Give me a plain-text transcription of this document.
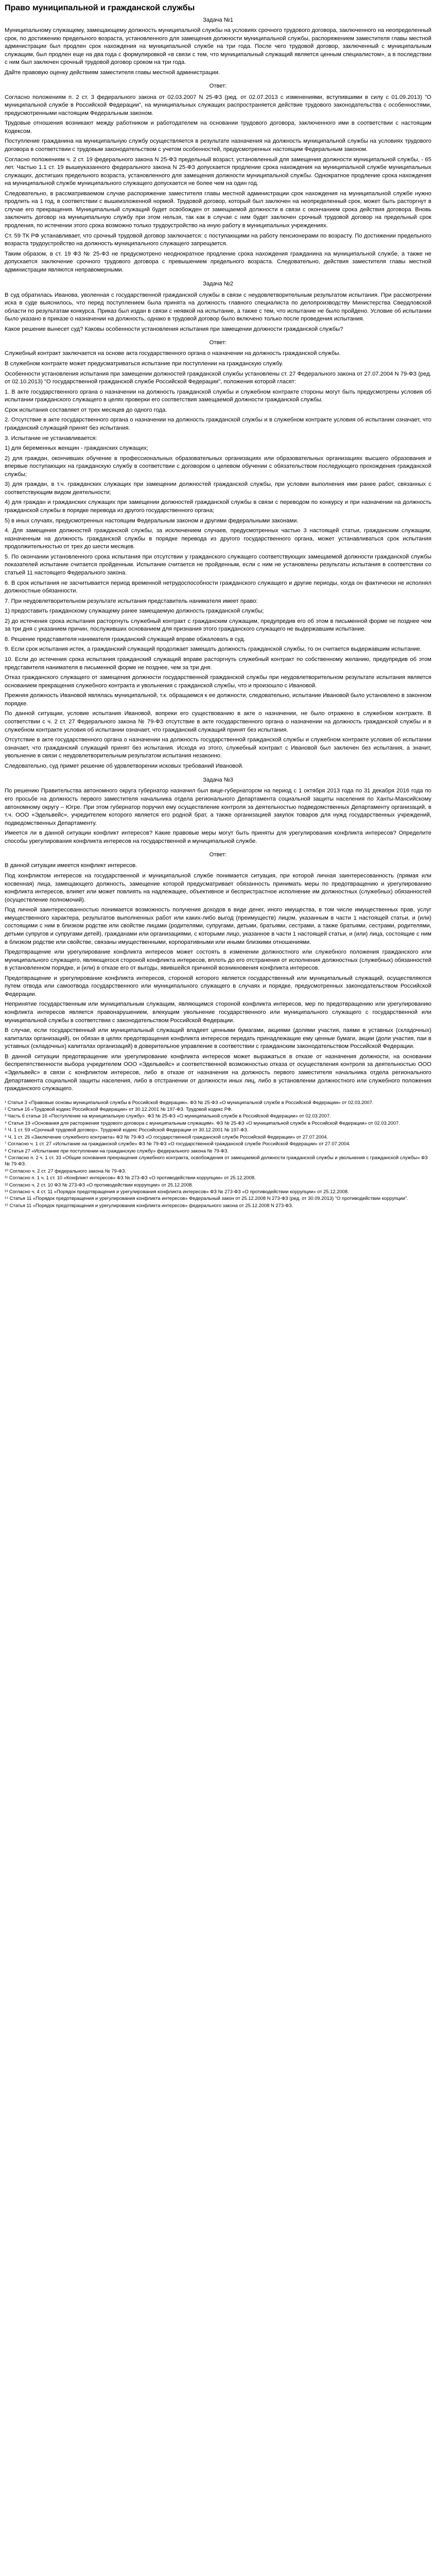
Право муниципальной и гражданской службы
Задача №1

Муниципальному служащему, замещающему должность муниципальной службы на условиях срочного трудового договора, заключенного на неопределенный срок, по достижению предельного возраста, установленного для замещения должности муниципальной службы, распоряжением заместителя главы местной администрации был продлен срок нахождения на муниципальной службе на три года. После чего трудовой договор, заключенный с муниципальным служащим, был продлен еще на два года с формулировкой «в связи с тем, что муниципальный служащий является ценным специалистом», а в последствии с ним был заключен срочный трудовой договор сроком на три года.

Дайте правовую оценку действиям заместителя главы местной администрации.

Ответ:

Согласно положениям п. 2 ст. 3 федерального закона от 02.03.2007 N 25-ФЗ (ред. от 02.07.2013 с изменениями, вступившими в силу с 01.09.2013) "О муниципальной службе в Российской Федерации", на муниципальных служащих распространяется действие трудового законодательства с особенностями, предусмотренными настоящим Федеральным законом.

Трудовые отношения возникают между работником и работодателем на основании трудового договора, заключенного ими в соответствии с настоящим Кодексом.

Поступление гражданина на муниципальную службу осуществляется в результате назначения на должность муниципальной службы на условиях трудового договора в соответствии с трудовым законодательством с учетом особенностей, предусмотренных настоящим Федеральным законом.

Согласно положениям ч. 2 ст. 19 федерального закона N 25-ФЗ предельный возраст, установленный для замещения должности муниципальной службы, - 65 лет. Частью 1.1 ст. 19 вышеуказанного федерального закона N 25-ФЗ допускается продление срока нахождения на муниципальной службе муниципальных служащих, достигших предельного возраста, установленного для замещения должности муниципальной службы. Однократное продление срока нахождения на муниципальной службе муниципального служащего допускается не более чем на один год.

Следовательно, в рассматриваемом случае распоряжение заместителя главы местной администрации срок нахождения на муниципальной службе нужно продлить на 1 год, в соответствии с вышеизложенной нормой. Трудовой договор, который был заключен на неопределенный срок, может быть расторгнут в случае его прекращения. Муниципальный служащий будет освобожден от замещаемой должности в связи с окончанием срока действия договора. Вновь заключить договор на муниципальную службу при этом нельзя, так как в случае с ним будет заключен срочный трудовой договор на предельный срок продления, по истечении этого срока возможно только трудоустройство на иную работу в муниципальных учреждениях.

Ст. 59 ТК РФ устанавливает, что срочный трудовой договор заключается: с поступающими на работу пенсионерами по возрасту. По достижении предельного возраста трудоустройство на должность муниципального служащего запрещается.

Таким образом, в ст. 19 ФЗ № 25-ФЗ не предусмотрено неоднократное продление срока нахождения гражданина на муниципальной службе, а также не допускается заключение срочного трудового договора с превышением предельного возраста. Следовательно, действия заместителя главы местной администрации являются неправомерными.

Задача №2

В суд обратилась Иванова, уволенная с государственной гражданской службы в связи с неудовлетворительным результатом испытания. При рассмотрении иска в суде выяснилось, что перед поступлением была принята на должность главного специалиста по делопроизводству Министерства Свердловской области по результатам конкурса. Приказ был издан в связи с неявкой на испытание, а также с тем, что испытание не было пройдено. Условие об испытании было указано в приказе о назначении на должность, однако в трудовой договор было включено только после проведения испытания.

Какое решение вынесет суд? Каковы особенности установления испытания при замещении должности гражданской службы?

Ответ:

Служебный контракт заключается на основе акта государственного органа о назначении на должность гражданской службы.

В служебном контракте может предусматриваться испытание при поступлении на гражданскую службу.

Особенности установления испытания при замещении должностей гражданской службы установлены ст. 27 Федерального закона от 27.07.2004 N 79-ФЗ (ред. от 02.10.2013) "О государственной гражданской службе Российской Федерации", положения которой гласят:

1. В акте государственного органа о назначении на должность гражданской службы и служебном контракте стороны могут быть предусмотрены условия об испытании гражданского служащего в целях проверки его соответствия замещаемой должности гражданской службы.

Срок испытания составляет от трех месяцев до одного года.

2. Отсутствие в акте государственного органа о назначении на должность гражданской службы и в служебном контракте условия об испытании означает, что гражданский служащий принят без испытания.

3. Испытание не устанавливается:

1) для беременных женщин - гражданских служащих;

2) для граждан, окончивших обучение в профессиональных образовательных организациях или образовательных организациях высшего образования и впервые поступающих на гражданскую службу в соответствии с договором о целевом обучении с обязательством последующего прохождения гражданской службы;

3) для граждан, в т.ч. гражданских служащих при замещении должностей гражданской службы, при условии выполнения ими ранее работ, связанных с соответствующим видом деятельности;

4) для граждан и гражданских служащих при замещении должностей гражданской службы в связи с переводом по конкурсу и при назначении на должность гражданской службы в порядке перевода из другого государственного органа;

5) в иных случаях, предусмотренных настоящим Федеральным законом и другими федеральными законами.

4. Для замещения должностей гражданской службы, за исключением случаев, предусмотренных частью 3 настоящей статьи, гражданским служащим, назначенным на должность гражданской службы в порядке перевода из другого государственного органа, может устанавливаться срок испытания продолжительностью от трех до шести месяцев.

5. По окончании установленного срока испытания при отсутствии у гражданского служащего соответствующих замещаемой должности гражданской службы показателей испытание считается пройденным. Испытание считается не пройденным, если с ним не установлены результаты испытания в соответствии со статьей 11 настоящего Федерального закона.

6. В срок испытания не засчитывается период временной нетрудоспособности гражданского служащего и другие периоды, когда он фактически не исполнял должностные обязанности.

7. При неудовлетворительном результате испытания представитель нанимателя имеет право:

1) предоставить гражданскому служащему ранее замещаемую должность гражданской службы;

2) до истечения срока испытания расторгнуть служебный контракт с гражданским служащим, предупредив его об этом в письменной форме не позднее чем за три дня с указанием причин, послуживших основанием для признания этого гражданского служащего не выдержавшим испытание.

8. Решение представителя нанимателя гражданский служащий вправе обжаловать в суд.

9. Если срок испытания истек, а гражданский служащий продолжает замещать должность гражданской службы, то он считается выдержавшим испытание.

10. Если до истечения срока испытания гражданский служащий вправе расторгнуть служебный контракт по собственному желанию, предупредив об этом представителя нанимателя в письменной форме не позднее, чем за три дня.

Отказ гражданского служащего от замещения должности государственной гражданской службы при неудовлетворительном результате испытания является основанием прекращения служебного контракта и увольнения с гражданской службы, что и произошло с Ивановой.

Прежняя должность Ивановой являлась муниципальной, т.к. обращаемся к ее должности, следовательно, испытание Ивановой было установлено в законном порядке.

По данной ситуации, условие испытания Ивановой, вопреки его существованию в акте о назначении, не было отражено в служебном контракте. В соответствии с ч. 2 ст. 27 Федерального закона № 79-ФЗ отсутствие в акте государственного органа о назначении на должность гражданской службы и в служебном контракте условия об испытании означает, что гражданский служащий принят без испытания.

Отсутствие в акте государственного органа о назначении на должность государственной гражданской службы и служебном контракте условия об испытании означает, что гражданский служащий принят без испытания. Исходя из этого, служебный контракт с Ивановой был заключен без испытания, а значит, увольнение в связи с неудовлетворительным результатом испытания незаконно.

Следовательно, суд примет решение об удовлетворении исковых требований Ивановой.

Задача №3

По решению Правительства автономного округа губернатор назначил был вице-губернатором на период с 1 октября 2013 года по 31 декабря 2016 года по его просьбе на должность первого заместителя начальника отдела регионального Департамента социальной защиты населения по Ханты-Мансийскому автономному округу – Югре. При этом губернатор поручил ему осуществление контроля за деятельностью подведомственных Департаменту организаций, в т.ч. ООО «Эдельвейс», учредителем которого является его родной брат, а также организацией закупок товаров для нужд государственных учреждений, подведомственных Департаменту.

Имеется ли в данной ситуации конфликт интересов? Какие правовые меры могут быть приняты для урегулирования конфликта интересов? Определите способы урегулирования конфликта интересов на государственной и муниципальной службе.

Ответ:

В данной ситуации имеется конфликт интересов.

Под конфликтом интересов на государственной и муниципальной службе понимается ситуация, при которой личная заинтересованность (прямая или косвенная) лица, замещающего должность, замещение которой предусматривает обязанность принимать меры по предотвращению и урегулированию конфликта интересов, влияет или может повлиять на надлежащее, объективное и беспристрастное исполнение им должностных (служебных) обязанностей (осуществление полномочий).

Под личной заинтересованностью понимается возможность получения доходов в виде денег, иного имущества, в том числе имущественных прав, услуг имущественного характера, результатов выполненных работ или каких-либо выгод (преимуществ) лицом, указанным в части 1 настоящей статьи, и (или) состоящими с ним в близком родстве или свойстве лицами (родителями, супругами, детьми, братьями, сестрами, а также братьями, сестрами, родителями, детьми супругов и супругами детей), гражданами или организациями, с которыми лицо, указанное в части 1 настоящей статьи, и (или) лица, состоящие с ним в близком родстве или свойстве, связаны имущественными, корпоративными или иными близкими отношениями.

Предотвращение или урегулирование конфликта интересов может состоять в изменении должностного или служебного положения гражданского или муниципального служащего, являющегося стороной конфликта интересов, вплоть до его отстранения от исполнения должностных (служебных) обязанностей в установленном порядке, и (или) в отказе его от выгоды, явившейся причиной возникновения конфликта интересов.

Предотвращение и урегулирование конфликта интересов, стороной которого является государственный или муниципальный служащий, осуществляются путем отвода или самоотвода государственного или муниципального служащего в случаях и порядке, предусмотренных законодательством Российской Федерации.

Непринятие государственным или муниципальным служащим, являющимся стороной конфликта интересов, мер по предотвращению или урегулированию конфликта интересов является правонарушением, влекущим увольнение государственного или муниципального служащего с государственной или муниципальной службы в соответствии с законодательством Российской Федерации.

В случае, если государственный или муниципальный служащий владеет ценными бумагами, акциями (долями участия, паями в уставных (складочных) капиталах организаций), он обязан в целях предотвращения конфликта интересов передать принадлежащие ему ценные бумаги, акции (доли участия, паи в уставных (складочных) капиталах организаций) в доверительное управление в соответствии с гражданским законодательством Российской Федерации.

В данной ситуации предотвращение или урегулирование конфликта интересов может выражаться в отказе от назначения должности, на основании беспрепятственности выбора учредителем ООО «Эдельвейс» и соответственной возможностью отказа от осуществления контроля за деятельностью ООО «Эдельвейс» в связи с конфликтом интересов, либо в отказе от назначения на должность первого заместителя начальника отдела регионального Департамента социальной защиты населения, либо в отстранении от должности иных лиц, либо в установлении должностного или служебного положения гражданского служащего.

¹ Статья 3 «Правовые основы муниципальной службы в Российской Федерации». ФЗ № 25-ФЗ «О муниципальной службе в Российской Федерации» от 02.03.2007.

² Статья 16 «Трудовой кодекс Российской Федерации» от 30.12.2001 № 197-ФЗ. Трудовой кодекс РФ.

³ Часть 6 статьи 16 «Поступление на муниципальную службу». ФЗ № 25-ФЗ «О муниципальной службе в Российской Федерации» от 02.03.2007.

⁴ Статья 19 «Основания для расторжения трудового договора с муниципальным служащим». ФЗ № 25-ФЗ «О муниципальной службе в Российской Федерации» от 02.03.2007.

⁵ Ч. 1 ст. 59 «Срочный трудовой договор». Трудовой кодекс Российской Федерации от 30.12.2001 № 197-ФЗ.

⁶ Ч. 1 ст. 26 «Заключение служебного контракта» ФЗ № 79-ФЗ «О государственной гражданской службе Российской Федерации» от 27.07.2004.

⁷ Согласно ч. 1 ст. 27 «Испытание на гражданской службе» ФЗ № 79-ФЗ «О государственной гражданской службе Российской Федерации» от 27.07.2004.

⁸ Статья 27 «Испытание при поступлении на гражданскую службу» федерального закона № 79-ФЗ.

⁹ Согласно п. 2 ч. 1 ст. 33 «Общие основания прекращения служебного контракта, освобождения от замещаемой должности гражданской службы и увольнения с гражданской службы» ФЗ № 79-ФЗ.

¹⁰ Согласно ч. 2 ст. 27 федерального закона № 79-ФЗ.

¹¹ Согласно п. 1 ч. 1 ст. 10 «Конфликт интересов» ФЗ № 273-ФЗ «О противодействии коррупции» от 25.12.2008.

¹² Согласно ч. 2 ст. 10 ФЗ № 273-ФЗ «О противодействии коррупции» от 25.12.2008.

¹³ Согласно ч. 4 ст. 11 «Порядок предотвращения и урегулирования конфликта интересов» ФЗ № 273-ФЗ «О противодействии коррупции» от 25.12.2008.

¹⁴ Статья 11 «Порядок предотвращения и урегулирования конфликта интересов» Федеральный закон от 25.12.2008 N 273-ФЗ (ред. от 30.09.2013) "О противодействии коррупции".

¹⁵ Статья 11 «Порядок предотвращения и урегулирования конфликта интересов» федерального закона от 25.12.2008 N 273-ФЗ.
